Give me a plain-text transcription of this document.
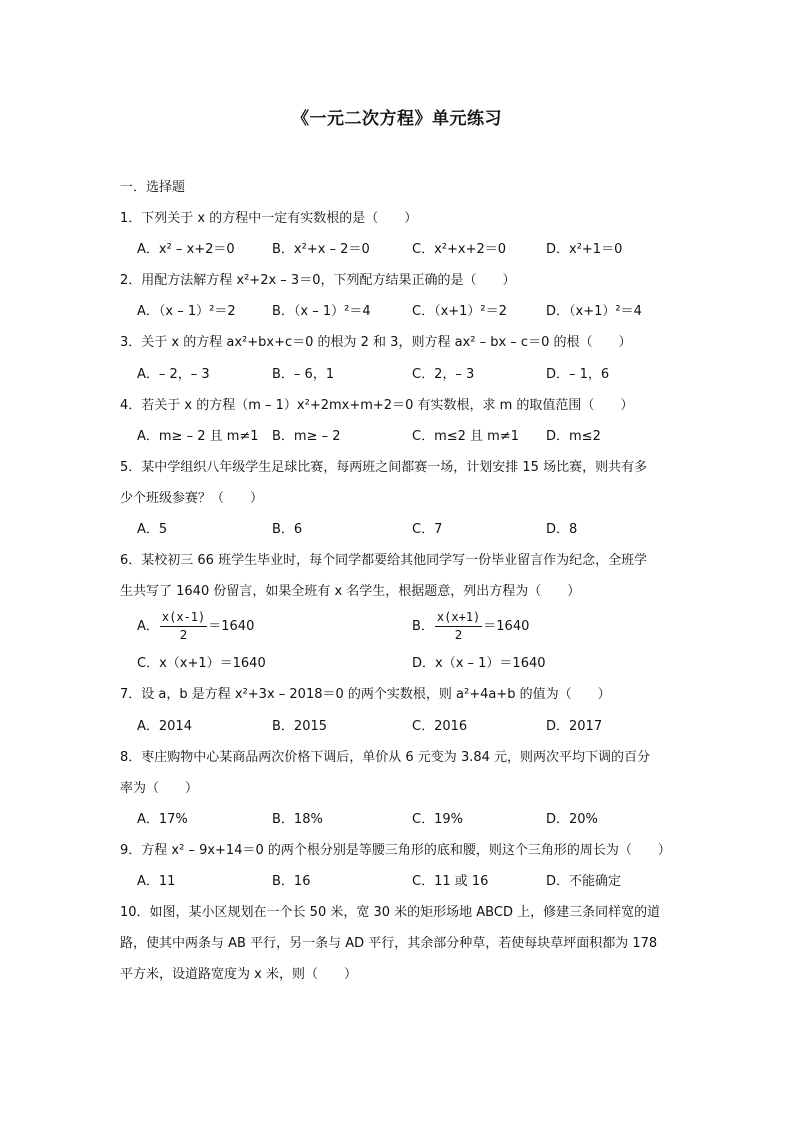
《一元二次方程》单元练习
一．选择题
1．下列关于 x 的方程中一定有实数根的是（　　）
A．x² – x+2＝0	B．x²+x – 2＝0	C．x²+x+2＝0	D．x²+1＝0
2．用配方法解方程 x²+2x – 3＝0，下列配方结果正确的是（　　）
A．（x – 1）²＝2	B．（x – 1）²＝4	C．（x+1）²＝2	D．（x+1）²＝4
3．关于 x 的方程 ax²+bx+c＝0 的根为 2 和 3，则方程 ax² – bx – c＝0 的根（　　）
A．– 2，– 3	B．– 6，1	C．2，– 3	D．– 1，6
4．若关于 x 的方程（m – 1）x²+2mx+m+2＝0 有实数根，求 m 的取值范围（　　）
A．m≥ – 2 且 m≠1 B．m≥ – 2	C．m≤2 且 m≠1 D．m≤2
5．某中学组织八年级学生足球比赛，每两班之间都赛一场，计划安排 15 场比赛，则共有多
少个班级参赛？（　　）
A．5	B．6	C．7	D．8
6．某校初三 66 班学生毕业时，每个同学都要给其他同学写一份毕业留言作为纪念，全班学
生共写了 1640 份留言，如果全班有 x 名学生，根据题意，列出方程为（　　）
A． $\frac{x(x-1)}{2} =1640$	B． $\frac{x(x+1)}{2} =1640$
C．x（x+1）＝1640	D．x（x – 1）＝1640
7．设 a，b 是方程 x²+3x – 2018＝0 的两个实数根，则 a²+4a+b 的值为（　　）
A．2014	B．2015	C．2016	D．2017
8．枣庄购物中心某商品两次价格下调后，单价从 6 元变为 3.84 元，则两次平均下调的百分
率为（　　）
A．17%	B．18%	C．19%	D．20%
9．方程 x² – 9x+14＝0 的两个根分别是等腰三角形的底和腰，则这个三角形的周长为（　　）
A．11	B．16	C．11 或 16	D．不能确定
10．如图，某小区规划在一个长 50 米，宽 30 米的矩形场地 ABCD 上，修建三条同样宽的道
路，使其中两条与 AB 平行，另一条与 AD 平行，其余部分种草，若使每块草坪面积都为 178
平方米，设道路宽度为 x 米，则（　　）
